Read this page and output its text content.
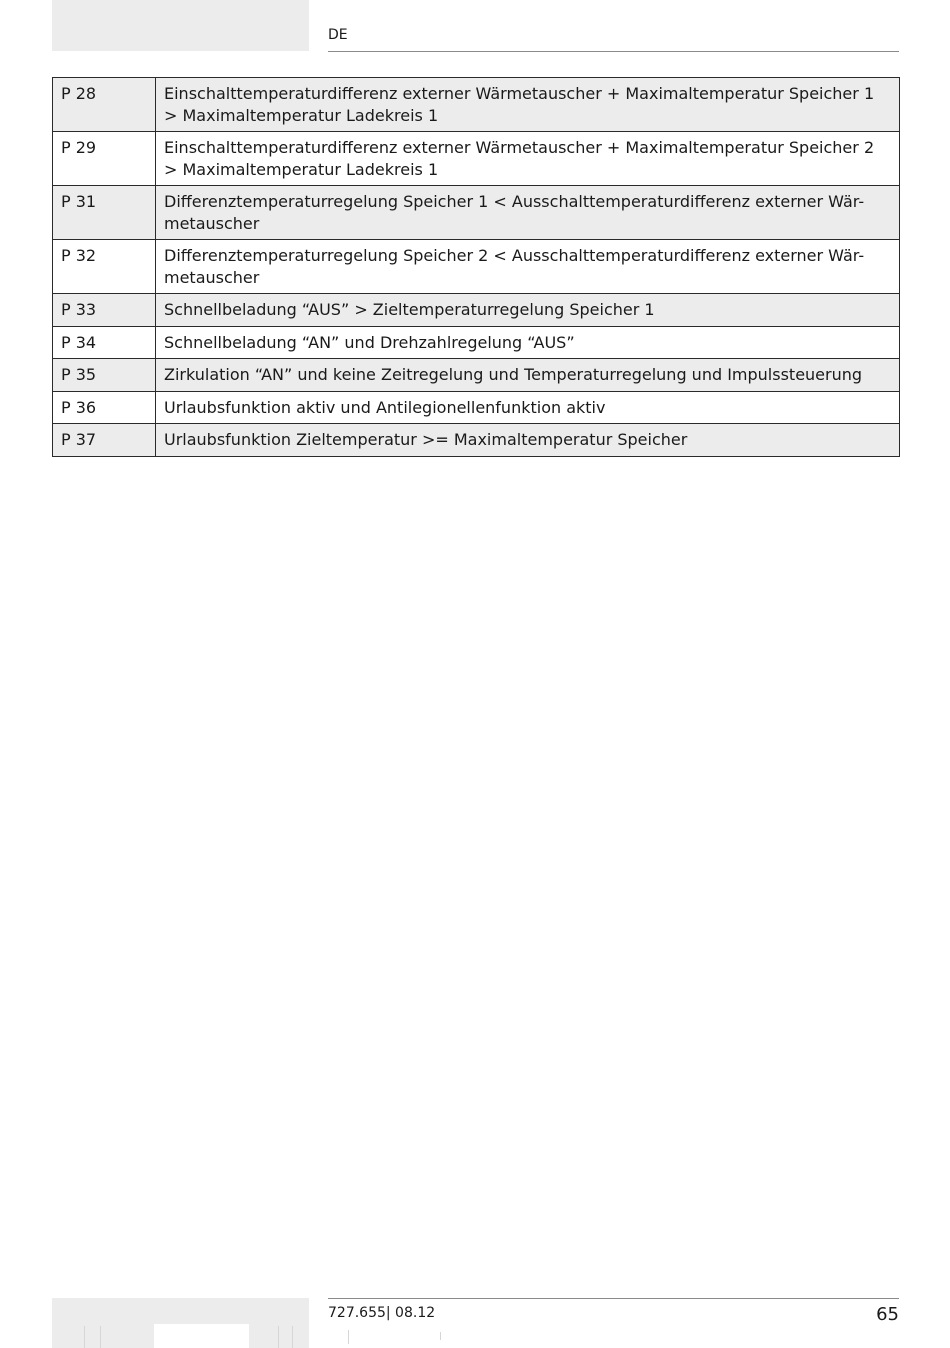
DE
P 28	Einschalttemperaturdifferenz externer Wärmetauscher + Maximaltemperatur Speicher 1
> Maximaltemperatur Ladekreis 1
P 29	Einschalttemperaturdifferenz externer Wärmetauscher + Maximaltemperatur Speicher 2
> Maximaltemperatur Ladekreis 1
P 31	Differenztemperaturregelung Speicher 1 < Ausschalttemperaturdifferenz externer Wär-
metauscher
P 32	Differenztemperaturregelung Speicher 2 < Ausschalttemperaturdifferenz externer Wär-
metauscher
P 33	Schnellbeladung “AUS” > Zieltemperaturregelung Speicher 1
P 34	Schnellbeladung “AN” und Drehzahlregelung “AUS”
P 35	Zirkulation “AN” und keine Zeitregelung und Temperaturregelung und Impulssteuerung
P 36	Urlaubsfunktion aktiv und Antilegionellenfunktion aktiv
P 37	Urlaubsfunktion Zieltemperatur >= Maximaltemperatur Speicher
727.655| 08.12	65
